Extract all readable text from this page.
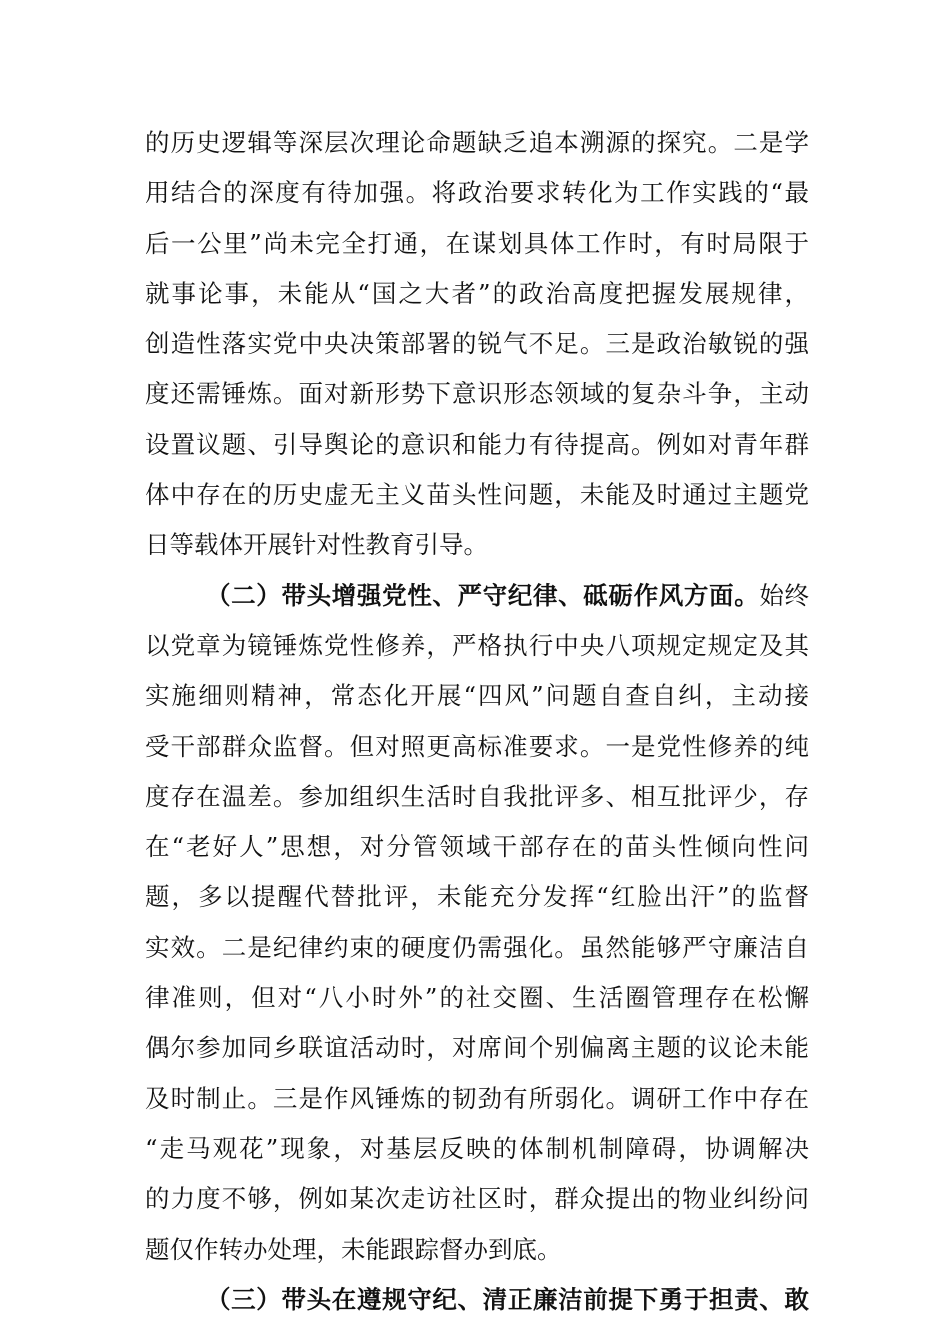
的历史逻辑等深层次理论命题缺乏追本溯源的探究。二是学
用结合的深度有待加强。将政治要求转化为工作实践的“最
后一公里”尚未完全打通，在谋划具体工作时，有时局限于
就事论事，未能从“国之大者”的政治高度把握发展规律，
创造性落实党中央决策部署的锐气不足。三是政治敏锐的强
度还需锤炼。面对新形势下意识形态领域的复杂斗争，主动
设置议题、引导舆论的意识和能力有待提高。例如对青年群
体中存在的历史虚无主义苗头性问题，未能及时通过主题党
日等载体开展针对性教育引导。
（二）带头增强党性、严守纪律、砥砺作风方面。始终
以党章为镜锤炼党性修养，严格执行中央八项规定规定及其
实施细则精神，常态化开展“四风”问题自查自纠，主动接
受干部群众监督。但对照更高标准要求。一是党性修养的纯
度存在温差。参加组织生活时自我批评多、相互批评少，存
在“老好人”思想，对分管领域干部存在的苗头性倾向性问
题，多以提醒代替批评，未能充分发挥“红脸出汗”的监督
实效。二是纪律约束的硬度仍需强化。虽然能够严守廉洁自
律准则，但对“八小时外”的社交圈、生活圈管理存在松懈
偶尔参加同乡联谊活动时，对席间个别偏离主题的议论未能
及时制止。三是作风锤炼的韧劲有所弱化。调研工作中存在
“走马观花”现象，对基层反映的体制机制障碍，协调解决
的力度不够，例如某次走访社区时，群众提出的物业纠纷问
题仅作转办处理，未能跟踪督办到底。
（三）带头在遵规守纪、清正廉洁前提下勇于担责、敢
